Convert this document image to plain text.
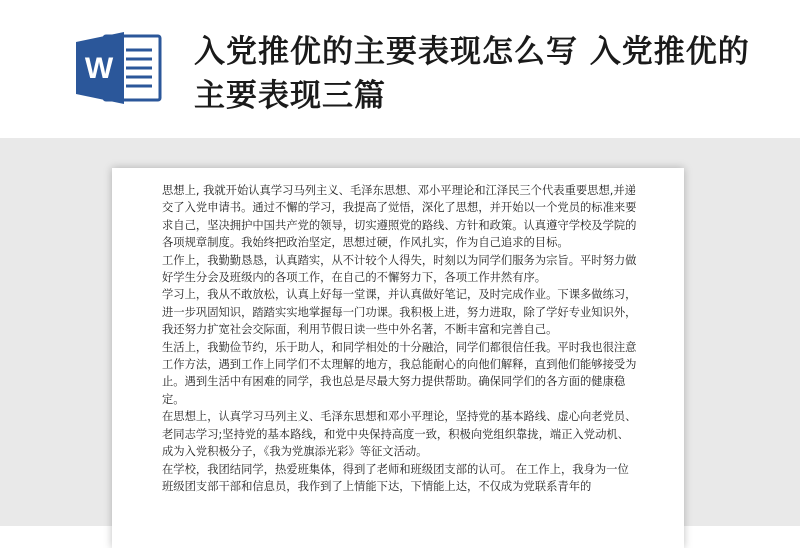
W	入党推优的主要表现怎么写 入党推优的主要表现三篇

思想上, 我就开始认真学习马列主义、毛泽东思想、邓小平理论和江泽民三个代表重要思想,并递交了入党申请书。通过不懈的学习，我提高了觉悟，深化了思想，并开始以一个党员的标准来要求自己，坚决拥护中国共产党的领导，切实遵照党的路线、方针和政策。认真遵守学校及学院的各项规章制度。我始终把政治坚定，思想过硬，作风扎实，作为自己追求的目标。

工作上，我勤勤恳恳，认真踏实，从不计较个人得失，时刻以为同学们服务为宗旨。平时努力做好学生分会及班级内的各项工作，在自己的不懈努力下，各项工作井然有序。

学习上，我从不敢放松，认真上好每一堂课，并认真做好笔记，及时完成作业。下课多做练习，进一步巩固知识，踏踏实实地掌握每一门功课。我积极上进，努力进取，除了学好专业知识外，我还努力扩宽社会交际面，利用节假日读一些中外名著，不断丰富和完善自己。

生活上，我勤俭节约，乐于助人，和同学相处的十分融洽，同学们都很信任我。平时我也很注意工作方法，遇到工作上同学们不太理解的地方，我总能耐心的向他们解释，直到他们能够接受为止。遇到生活中有困难的同学，我也总是尽最大努力提供帮助。确保同学们的各方面的健康稳定。

在思想上，认真学习马列主义、毛泽东思想和邓小平理论，坚持党的基本路线、虚心向老党员、老同志学习;坚持党的基本路线，和党中央保持高度一致，积极向党组织靠拢，端正入党动机、成为入党积极分子，《我为党旗添光彩》等征文活动。

在学校，我团结同学，热爱班集体，得到了老师和班级团支部的认可。 在工作上，我身为一位班级团支部干部和信息员，我作到了上情能下达，下情能上达，不仅成为党联系青年的
